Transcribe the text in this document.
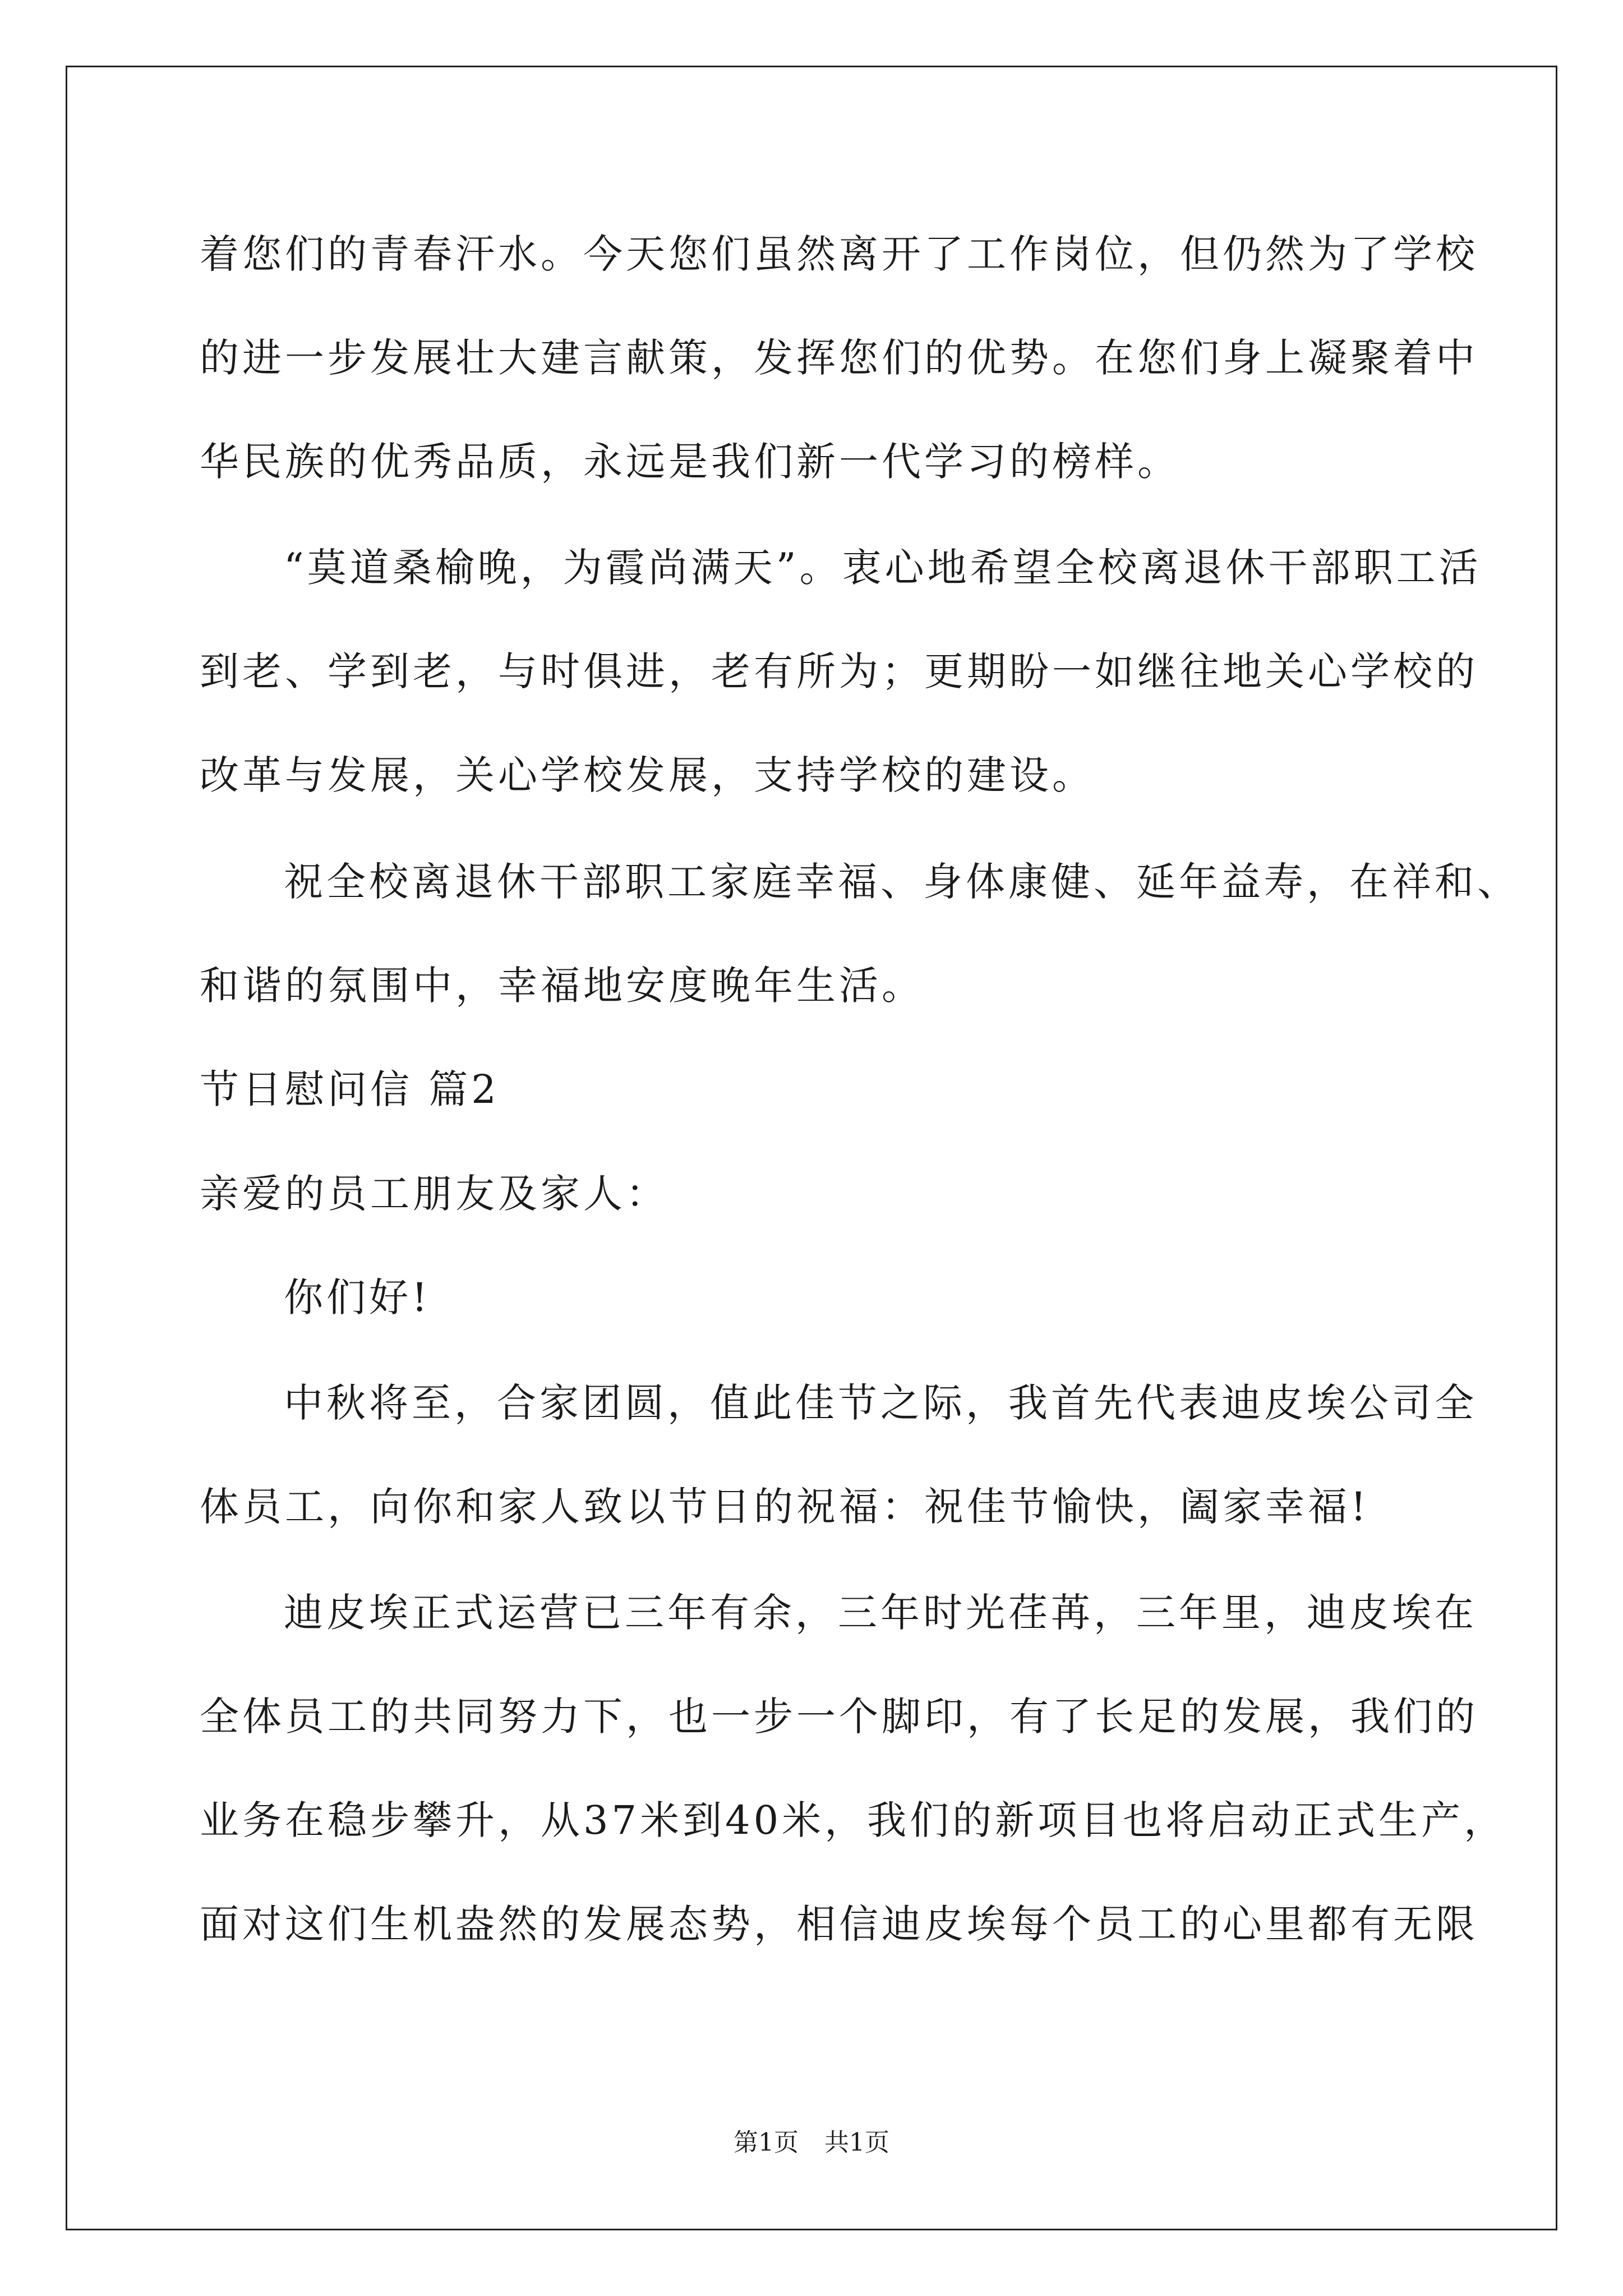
着您们的青春汗水。今天您们虽然离开了工作岗位，但仍然为了学校
的进一步发展壮大建言献策，发挥您们的优势。在您们身上凝聚着中
华民族的优秀品质，永远是我们新一代学习的榜样。
“莫道桑榆晚，为霞尚满天”。衷心地希望全校离退休干部职工活
到老、学到老，与时俱进，老有所为；更期盼一如继往地关心学校的
改革与发展，关心学校发展，支持学校的建设。
祝全校离退休干部职工家庭幸福、身体康健、延年益寿，在祥和、
和谐的氛围中，幸福地安度晚年生活。
节日慰问信 篇2
亲爱的员工朋友及家人：
你们好!
中秋将至，合家团圆，值此佳节之际，我首先代表迪皮埃公司全
体员工，向你和家人致以节日的祝福：祝佳节愉快，阖家幸福!
迪皮埃正式运营已三年有余，三年时光荏苒，三年里，迪皮埃在
全体员工的共同努力下，也一步一个脚印，有了长足的发展，我们的
业务在稳步攀升，从37米到40米，我们的新项目也将启动正式生产，
面对这们生机盎然的发展态势，相信迪皮埃每个员工的心里都有无限
第1页 共1页
